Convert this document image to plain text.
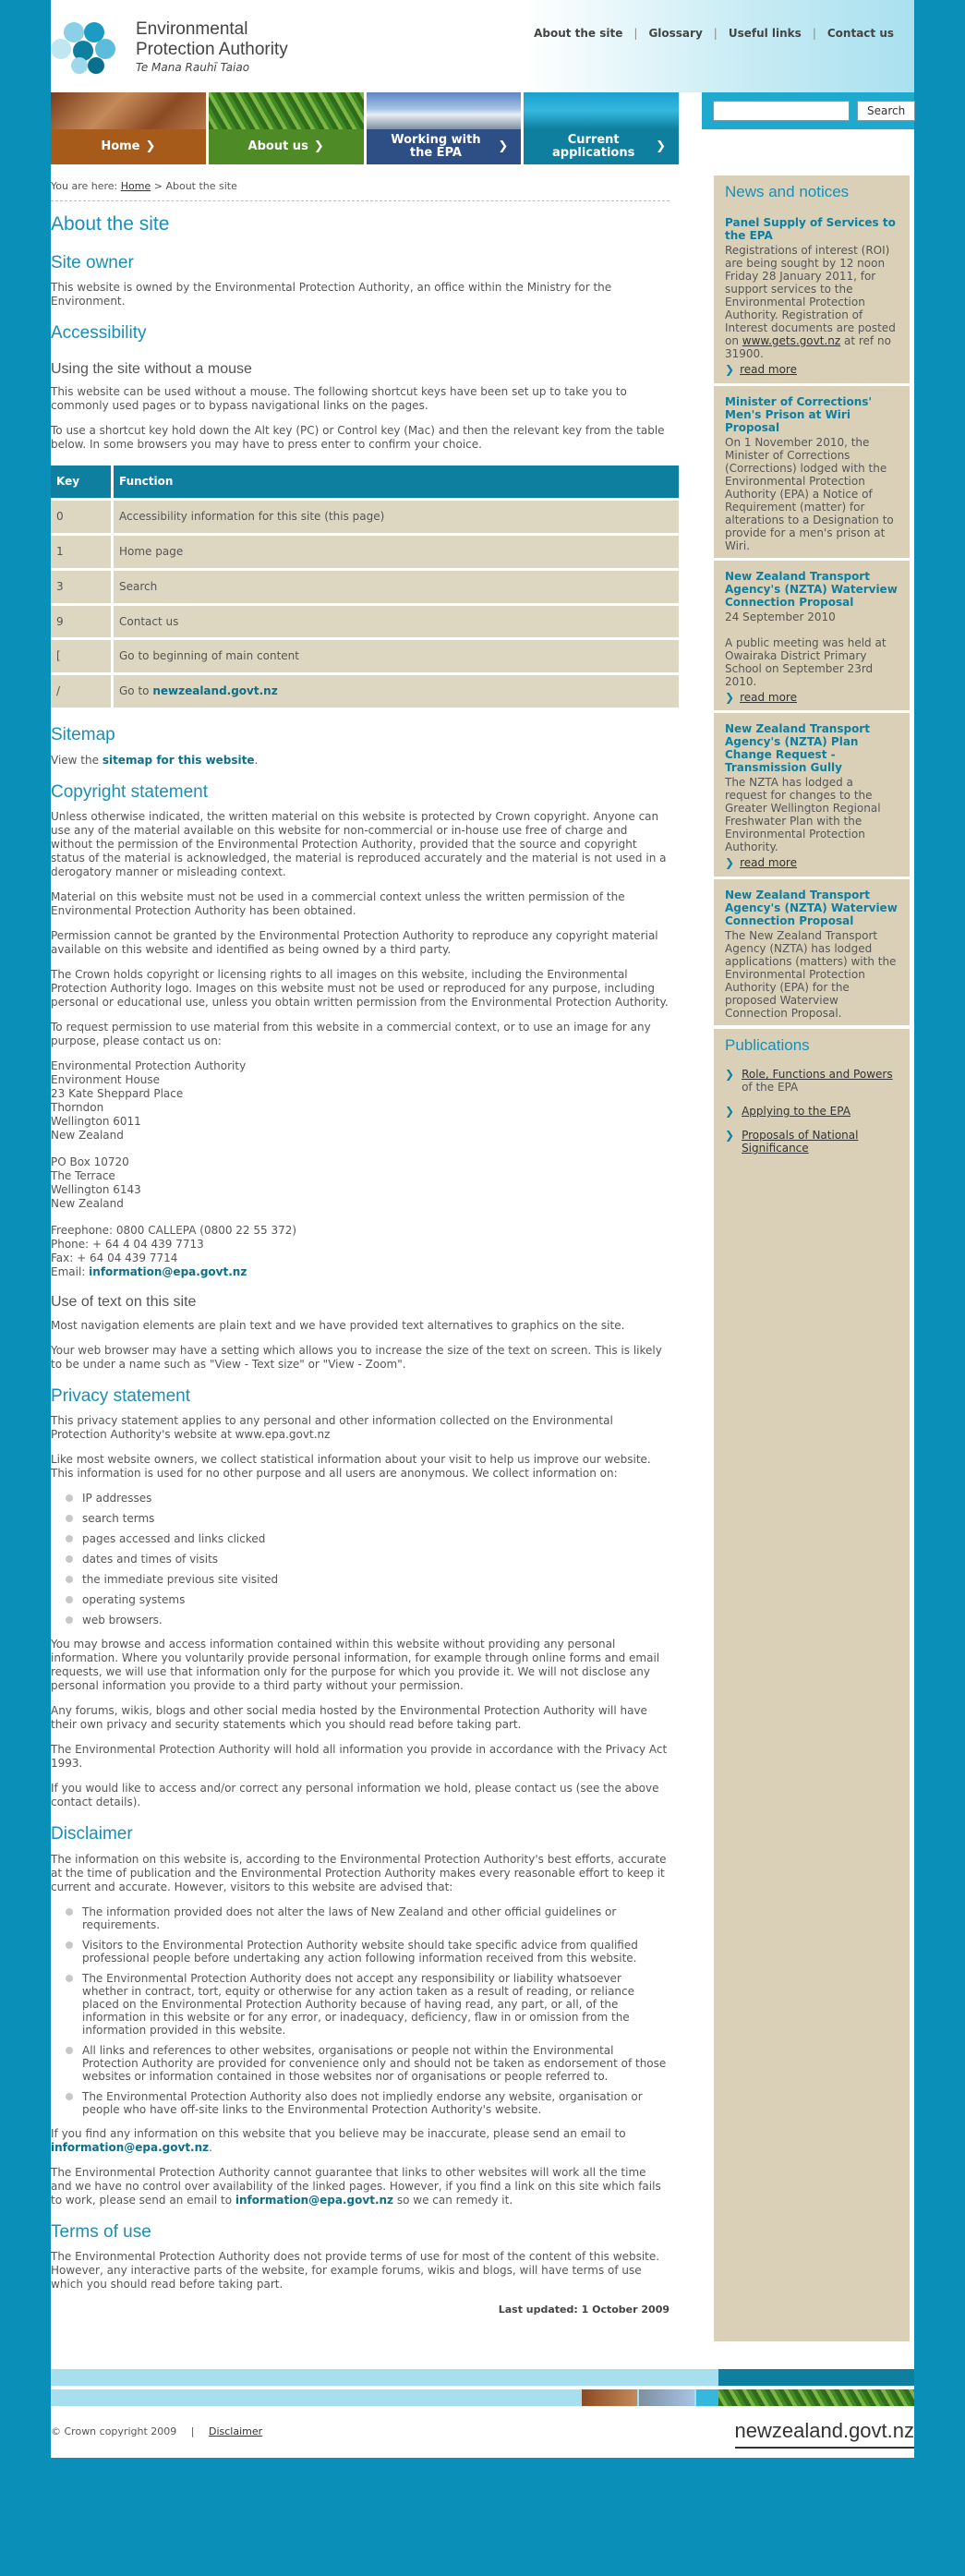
Environmental
Protection Authority
Te Mana Rauhī Taiao
About the site | Glossary | Useful links | Contact us
Home ❯	About us ❯	Working with the EPA	❯	Current applications	❯
Search
You are here: Home > About the site
About the site
Site owner

This website is owned by the Environmental Protection Authority, an office within the Ministry for the Environment.

Accessibility
Using the site without a mouse

This website can be used without a mouse. The following shortcut keys have been set up to take you to commonly used pages or to bypass navigational links on the pages.

To use a shortcut key hold down the Alt key (PC) or Control key (Mac) and then the relevant key from the table below. In some browsers you may have to press enter to confirm your choice.

Key	Function
0	Accessibility information for this site (this page)
1	Home page
3	Search
9	Contact us
[	Go to beginning of main content
/	Go to newzealand.govt.nz
Sitemap

View the sitemap for this website.

Copyright statement

Unless otherwise indicated, the written material on this website is protected by Crown copyright. Anyone can use any of the material available on this website for non-commercial or in-house use free of charge and without the permission of the Environmental Protection Authority, provided that the source and copyright status of the material is acknowledged, the material is reproduced accurately and the material is not used in a derogatory manner or misleading context.

Material on this website must not be used in a commercial context unless the written permission of the Environmental Protection Authority has been obtained.

Permission cannot be granted by the Environmental Protection Authority to reproduce any copyright material available on this website and identified as being owned by a third party.

The Crown holds copyright or licensing rights to all images on this website, including the Environmental Protection Authority logo. Images on this website must not be used or reproduced for any purpose, including personal or educational use, unless you obtain written permission from the Environmental Protection Authority.

To request permission to use material from this website in a commercial context, or to use an image for any purpose, please contact us on:

Environmental Protection Authority
Environment House
23 Kate Sheppard Place
Thorndon
Wellington 6011
New Zealand

PO Box 10720
The Terrace
Wellington 6143
New Zealand

Freephone: 0800 CALLEPA (0800 22 55 372)
Phone: + 64 4 04 439 7713
Fax: + 64 04 439 7714
Email: information@epa.govt.nz

Use of text on this site

Most navigation elements are plain text and we have provided text alternatives to graphics on the site.

Your web browser may have a setting which allows you to increase the size of the text on screen. This is likely to be under a name such as "View - Text size" or "View - Zoom".

Privacy statement

This privacy statement applies to any personal and other information collected on the Environmental Protection Authority's website at www.epa.govt.nz

Like most website owners, we collect statistical information about your visit to help us improve our website. This information is used for no other purpose and all users are anonymous. We collect information on:

IP addresses
search terms
pages accessed and links clicked
dates and times of visits
the immediate previous site visited
operating systems
web browsers.

You may browse and access information contained within this website without providing any personal information. Where you voluntarily provide personal information, for example through online forms and email requests, we will use that information only for the purpose for which you provide it. We will not disclose any personal information you provide to a third party without your permission.

Any forums, wikis, blogs and other social media hosted by the Environmental Protection Authority will have their own privacy and security statements which you should read before taking part.

The Environmental Protection Authority will hold all information you provide in accordance with the Privacy Act 1993.

If you would like to access and/or correct any personal information we hold, please contact us (see the above contact details).

Disclaimer

The information on this website is, according to the Environmental Protection Authority's best efforts, accurate at the time of publication and the Environmental Protection Authority makes every reasonable effort to keep it current and accurate. However, visitors to this website are advised that:

The information provided does not alter the laws of New Zealand and other official guidelines or requirements.
Visitors to the Environmental Protection Authority website should take specific advice from qualified professional people before undertaking any action following information received from this website.
The Environmental Protection Authority does not accept any responsibility or liability whatsoever whether in contract, tort, equity or otherwise for any action taken as a result of reading, or reliance placed on the Environmental Protection Authority because of having read, any part, or all, of the information in this website or for any error, or inadequacy, deficiency, flaw in or omission from the information provided in this website.
All links and references to other websites, organisations or people not within the Environmental Protection Authority are provided for convenience only and should not be taken as endorsement of those websites or information contained in those websites nor of organisations or people referred to.
The Environmental Protection Authority also does not impliedly endorse any website, organisation or people who have off-site links to the Environmental Protection Authority's website.

If you find any information on this website that you believe may be inaccurate, please send an email to information@epa.govt.nz.

The Environmental Protection Authority cannot guarantee that links to other websites will work all the time and we have no control over availability of the linked pages. However, if you find a link on this site which fails to work, please send an email to information@epa.govt.nz so we can remedy it.

Terms of use

The Environmental Protection Authority does not provide terms of use for most of the content of this website. However, any interactive parts of the website, for example forums, wikis and blogs, will have terms of use which you should read before taking part.

Last updated: 1 October 2009
News and notices
Panel Supply of Services to the EPA
Registrations of interest (ROI) are being sought by 12 noon Friday 28 January 2011, for support services to the Environmental Protection Authority. Registration of Interest documents are posted on www.gets.govt.nz at ref no 31900.
❯ read more
Minister of Corrections' Men's Prison at Wiri Proposal
On 1 November 2010, the Minister of Corrections (Corrections) lodged with the Environmental Protection Authority (EPA) a Notice of Requirement (matter) for alterations to a Designation to provide for a men's prison at Wiri.
New Zealand Transport Agency's (NZTA) Waterview Connection Proposal
24 September 2010

A public meeting was held at Owairaka District Primary School on September 23rd 2010.
❯ read more
New Zealand Transport Agency's (NZTA) Plan Change Request - Transmission Gully
The NZTA has lodged a request for changes to the Greater Wellington Regional Freshwater Plan with the Environmental Protection Authority.
❯ read more
New Zealand Transport Agency's (NZTA) Waterview Connection Proposal
The New Zealand Transport Agency (NZTA) has lodged applications (matters) with the Environmental Protection Authority (EPA) for the proposed Waterview Connection Proposal.
Publications
❯ Role, Functions and Powers of the EPA
❯ Applying to the EPA
❯ Proposals of National Significance
© Crown copyright 2009 | Disclaimer	newzealand.govt.nz
